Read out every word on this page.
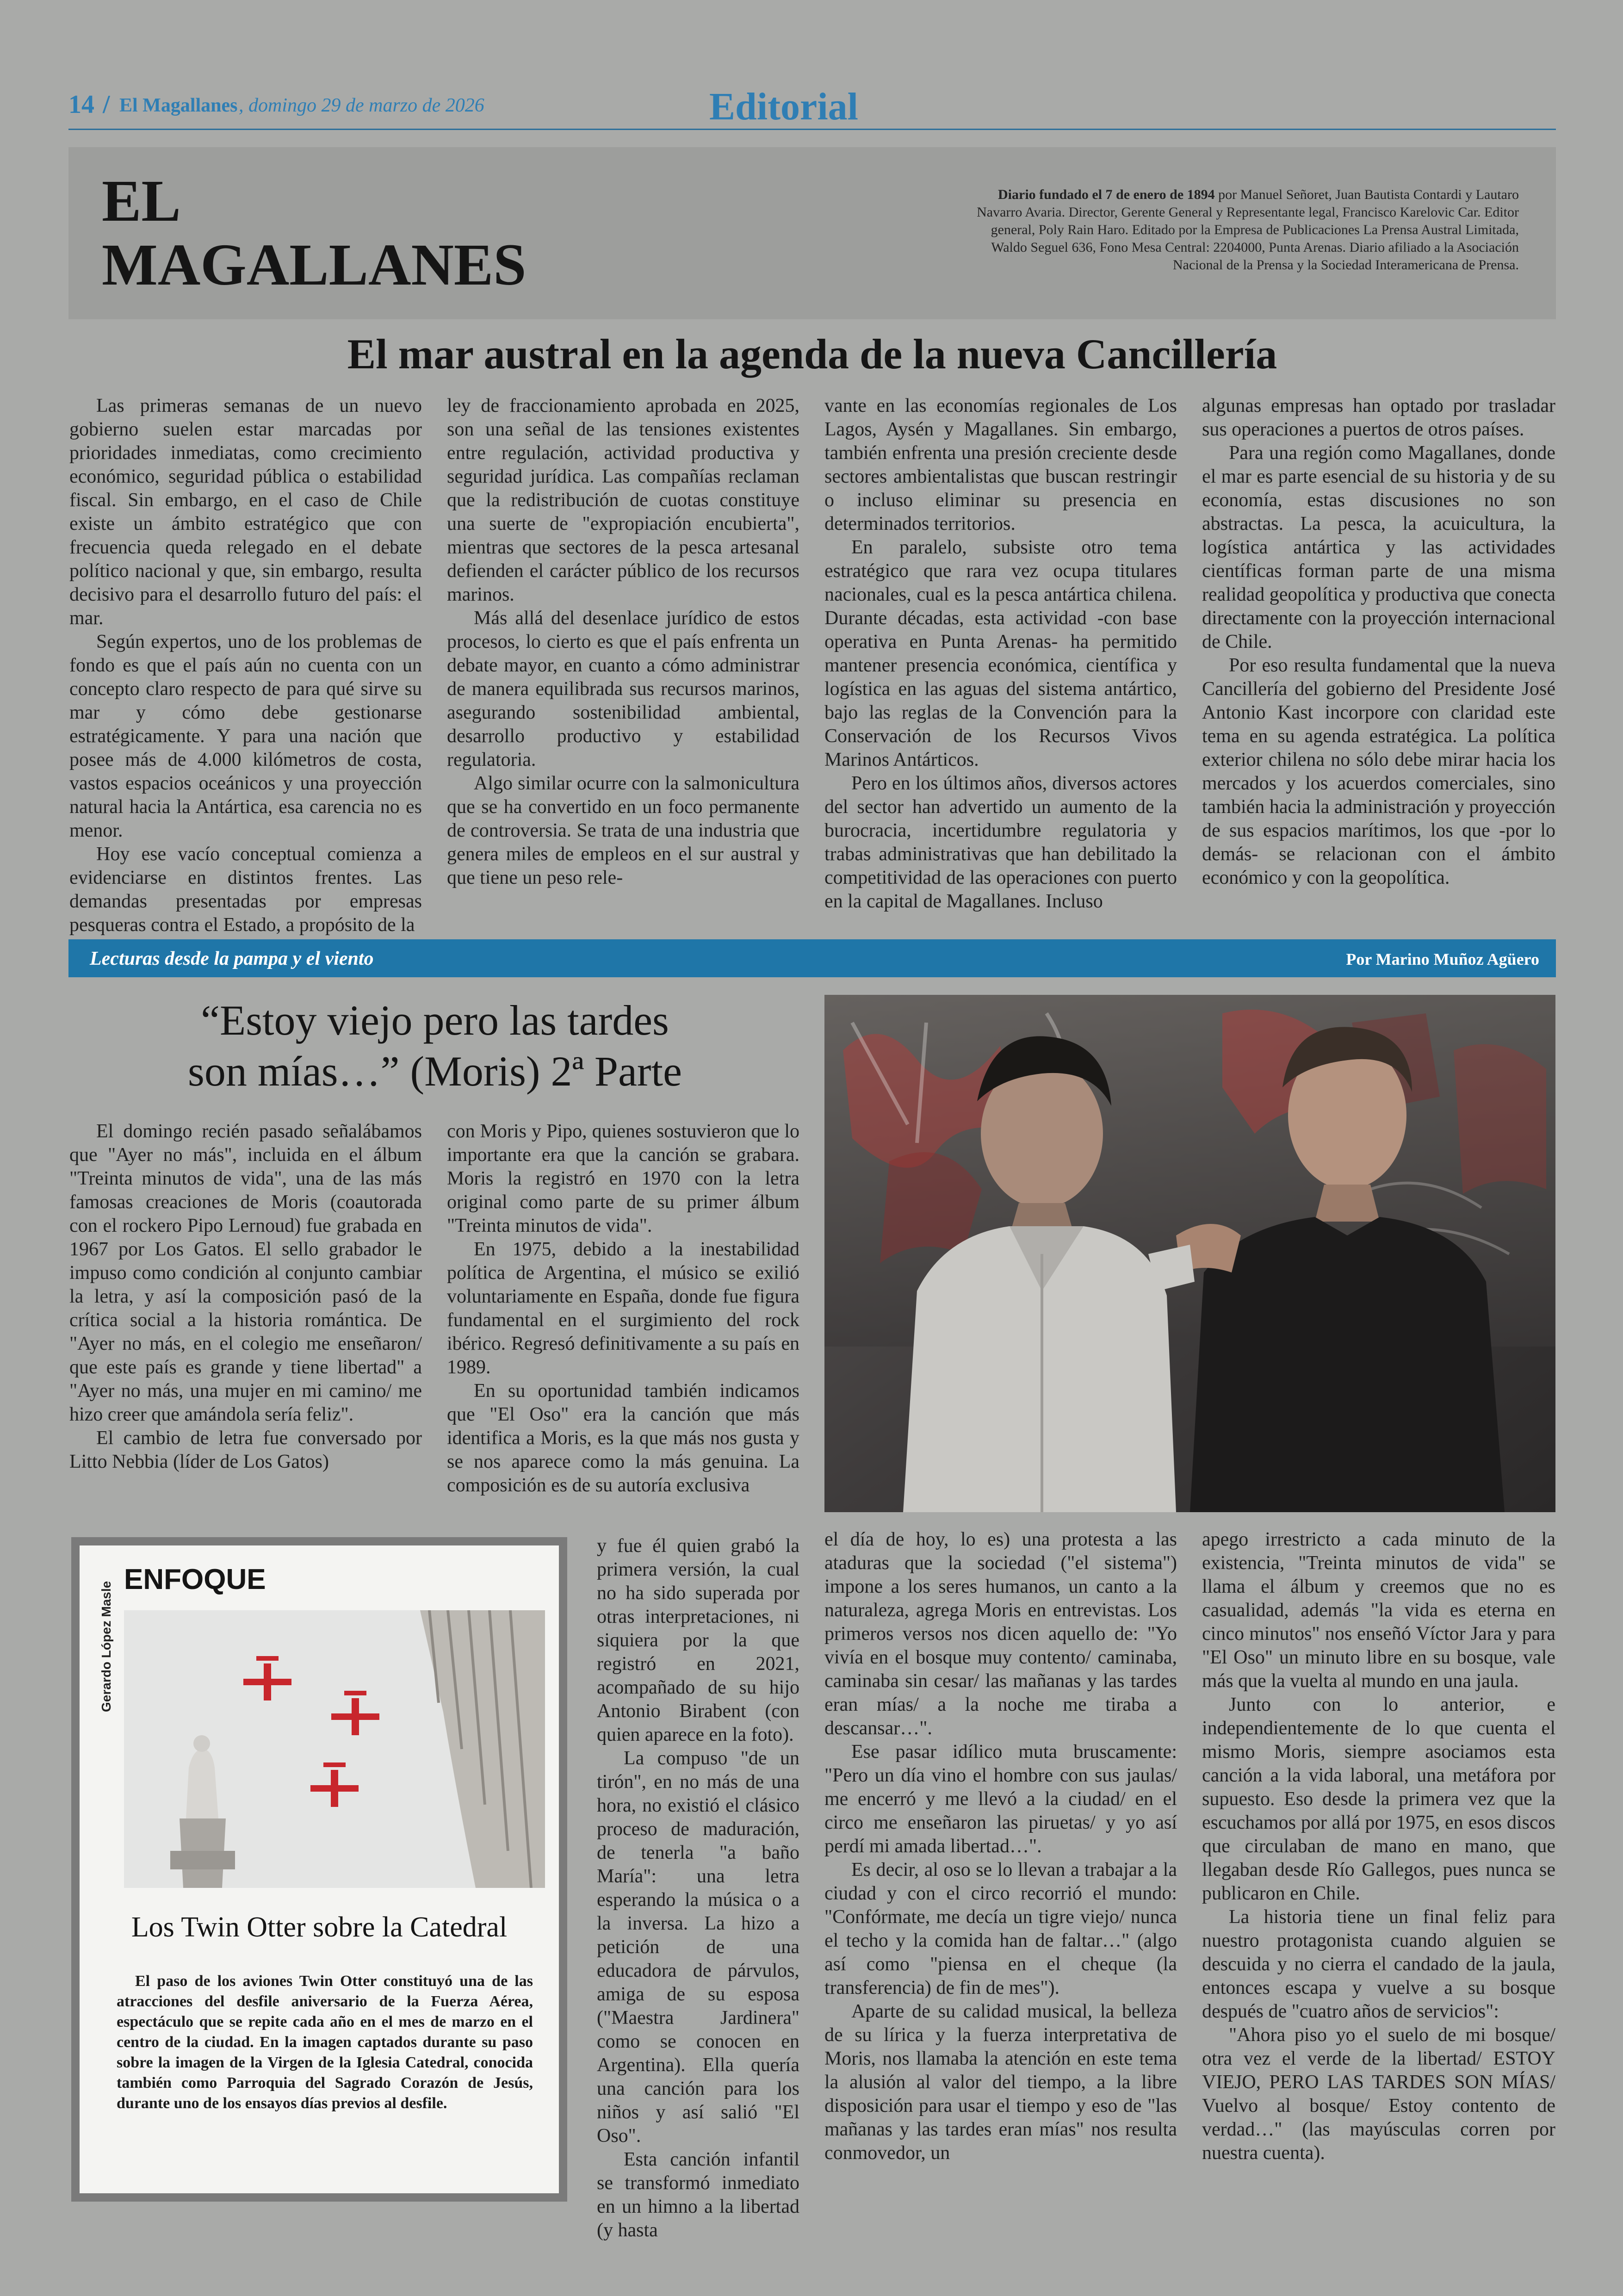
14 / El Magallanes , domingo 29 de marzo de 2026	Editorial
EL
MAGALLANES
Diario fundado el 7 de enero de 1894 por Manuel Señoret, Juan Bautista Contardi y Lautaro
Navarro Avaria. Director, Gerente General y Representante legal, Francisco Karelovic Car. Editor
general, Poly Rain Haro. Editado por la Empresa de Publicaciones La Prensa Austral Limitada,
Waldo Seguel 636, Fono Mesa Central: 2204000, Punta Arenas. Diario afiliado a la Asociación
Nacional de la Prensa y la Sociedad Interamericana de Prensa.
El mar austral en la agenda de la nueva Cancillería

Las primeras semanas de un nuevo gobierno suelen estar marcadas por prioridades inmediatas, como crecimiento económico, seguridad pública o estabilidad fiscal. Sin embargo, en el caso de Chile existe un ámbito estratégico que con frecuencia queda relegado en el debate político nacional y que, sin embargo, resulta decisivo para el desarrollo futuro del país: el mar.

Según expertos, uno de los problemas de fondo es que el país aún no cuenta con un concepto claro respecto de para qué sirve su mar y cómo debe gestionarse estratégicamente. Y para una nación que posee más de 4.000 kilómetros de costa, vastos espacios oceánicos y una proyección natural hacia la Antártica, esa carencia no es menor.

Hoy ese vacío conceptual comienza a evidenciarse en distintos frentes. Las demandas presentadas por empresas pesqueras contra el Estado, a propósito de la

ley de fraccionamiento aprobada en 2025, son una señal de las tensiones existentes entre regulación, actividad productiva y seguridad jurídica. Las compañías reclaman que la redistribución de cuotas constituye una suerte de "expropiación encubierta", mientras que sectores de la pesca artesanal defienden el carácter público de los recursos marinos.

Más allá del desenlace jurídico de estos procesos, lo cierto es que el país enfrenta un debate mayor, en cuanto a cómo administrar de manera equilibrada sus recursos marinos, asegurando sostenibilidad ambiental, desarrollo productivo y estabilidad regulatoria.

Algo similar ocurre con la salmonicultura que se ha convertido en un foco permanente de controversia. Se trata de una industria que genera miles de empleos en el sur austral y que tiene un peso rele-

vante en las economías regionales de Los Lagos, Aysén y Magallanes. Sin embargo, también enfrenta una presión creciente desde sectores ambientalistas que buscan restringir o incluso eliminar su presencia en determinados territorios.

En paralelo, subsiste otro tema estratégico que rara vez ocupa titulares nacionales, cual es la pesca antártica chilena. Durante décadas, esta actividad -con base operativa en Punta Arenas- ha permitido mantener presencia económica, científica y logística en las aguas del sistema antártico, bajo las reglas de la Convención para la Conservación de los Recursos Vivos Marinos Antárticos.

Pero en los últimos años, diversos actores del sector han advertido un aumento de la burocracia, incertidumbre regulatoria y trabas administrativas que han debilitado la competitividad de las operaciones con puerto en la capital de Magallanes. Incluso

algunas empresas han optado por trasladar sus operaciones a puertos de otros países.

Para una región como Magallanes, donde el mar es parte esencial de su historia y de su economía, estas discusiones no son abstractas. La pesca, la acuicultura, la logística antártica y las actividades científicas forman parte de una misma realidad geopolítica y productiva que conecta directamente con la proyección internacional de Chile.

Por eso resulta fundamental que la nueva Cancillería del gobierno del Presidente José Antonio Kast incorpore con claridad este tema en su agenda estratégica. La política exterior chilena no sólo debe mirar hacia los mercados y los acuerdos comerciales, sino también hacia la administración y proyección de sus espacios marítimos, los que -por lo demás- se relacionan con el ámbito económico y con la geopolítica.

Lecturas desde la pampa y el viento	Por Marino Muñoz Agüero
“Estoy viejo pero las tardes
son mías…” (Moris) 2ª Parte

El domingo recién pasado señalábamos que "Ayer no más", incluida en el álbum "Treinta minutos de vida", una de las más famosas creaciones de Moris (coautorada con el rockero Pipo Lernoud) fue grabada en 1967 por Los Gatos. El sello grabador le impuso como condición al conjunto cambiar la letra, y así la composición pasó de la crítica social a la historia romántica. De "Ayer no más, en el colegio me enseñaron/ que este país es grande y tiene libertad" a "Ayer no más, una mujer en mi camino/ me hizo creer que amándola sería feliz".

El cambio de letra fue conversado por Litto Nebbia (líder de Los Gatos)

con Moris y Pipo, quienes sostuvieron que lo importante era que la canción se grabara. Moris la registró en 1970 con la letra original como parte de su primer álbum "Treinta minutos de vida".

En 1975, debido a la inestabilidad política de Argentina, el músico se exilió voluntariamente en España, donde fue figura fundamental en el surgimiento del rock ibérico. Regresó definitivamente a su país en 1989.

En su oportunidad también indicamos que "El Oso" era la canción que más identifica a Moris, es la que más nos gusta y se nos aparece como la más genuina. La composición es de su autoría exclusiva

y fue él quien grabó la primera versión, la cual no ha sido superada por otras interpretaciones, ni siquiera por la que registró en 2021, acompañado de su hijo Antonio Birabent (con quien aparece en la foto).

La compuso "de un tirón", en no más de una hora, no existió el clásico proceso de maduración, de tenerla "a baño María": una letra esperando la música o a la inversa. La hizo a petición de una educadora de párvulos, amiga de su esposa ("Maestra Jardinera" como se conocen en Argentina). Ella quería una canción para los niños y así salió "El Oso".

Esta canción infantil se transformó inmediato en un himno a la libertad (y hasta

el día de hoy, lo es) una protesta a las ataduras que la sociedad ("el sistema") impone a los seres humanos, un canto a la naturaleza, agrega Moris en entrevistas. Los primeros versos nos dicen aquello de: "Yo vivía en el bosque muy contento/ caminaba, caminaba sin cesar/ las mañanas y las tardes eran mías/ a la noche me tiraba a descansar…".

Ese pasar idílico muta bruscamente: "Pero un día vino el hombre con sus jaulas/ me encerró y me llevó a la ciudad/ en el circo me enseñaron las piruetas/ y yo así perdí mi amada libertad…".

Es decir, al oso se lo llevan a trabajar a la ciudad y con el circo recorrió el mundo: "Confórmate, me decía un tigre viejo/ nunca el techo y la comida han de faltar…" (algo así como "piensa en el cheque (la transferencia) de fin de mes").

Aparte de su calidad musical, la belleza de su lírica y la fuerza interpretativa de Moris, nos llamaba la atención en este tema la alusión al valor del tiempo, a la libre disposición para usar el tiempo y eso de "las mañanas y las tardes eran mías" nos resulta conmovedor, un

apego irrestricto a cada minuto de la existencia, "Treinta minutos de vida" se llama el álbum y creemos que no es casualidad, además "la vida es eterna en cinco minutos" nos enseñó Víctor Jara y para "El Oso" un minuto libre en su bosque, vale más que la vuelta al mundo en una jaula.

Junto con lo anterior, e independientemente de lo que cuenta el mismo Moris, siempre asociamos esta canción a la vida laboral, una metáfora por supuesto. Eso desde la primera vez que la escuchamos por allá por 1975, en esos discos que circulaban de mano en mano, que llegaban desde Río Gallegos, pues nunca se publicaron en Chile.

La historia tiene un final feliz para nuestro protagonista cuando alguien se descuida y no cierra el candado de la jaula, entonces escapa y vuelve a su bosque después de "cuatro años de servicios":

"Ahora piso yo el suelo de mi bosque/ otra vez el verde de la libertad/ ESTOY VIEJO, PERO LAS TARDES SON MÍAS/ Vuelvo al bosque/ Estoy contento de verdad…" (las mayúsculas corren por nuestra cuenta).

ENFOQUE
Gerardo López Masle
Los Twin Otter sobre la Catedral
El paso de los aviones Twin Otter constituyó una de las atracciones del desfile aniversario de la Fuerza Aérea, espectáculo que se repite cada año en el mes de marzo en el centro de la ciudad. En la imagen captados durante su paso sobre la imagen de la Virgen de la Iglesia Catedral, conocida también como Parroquia del Sagrado Corazón de Jesús, durante uno de los ensayos días previos al desfile.
